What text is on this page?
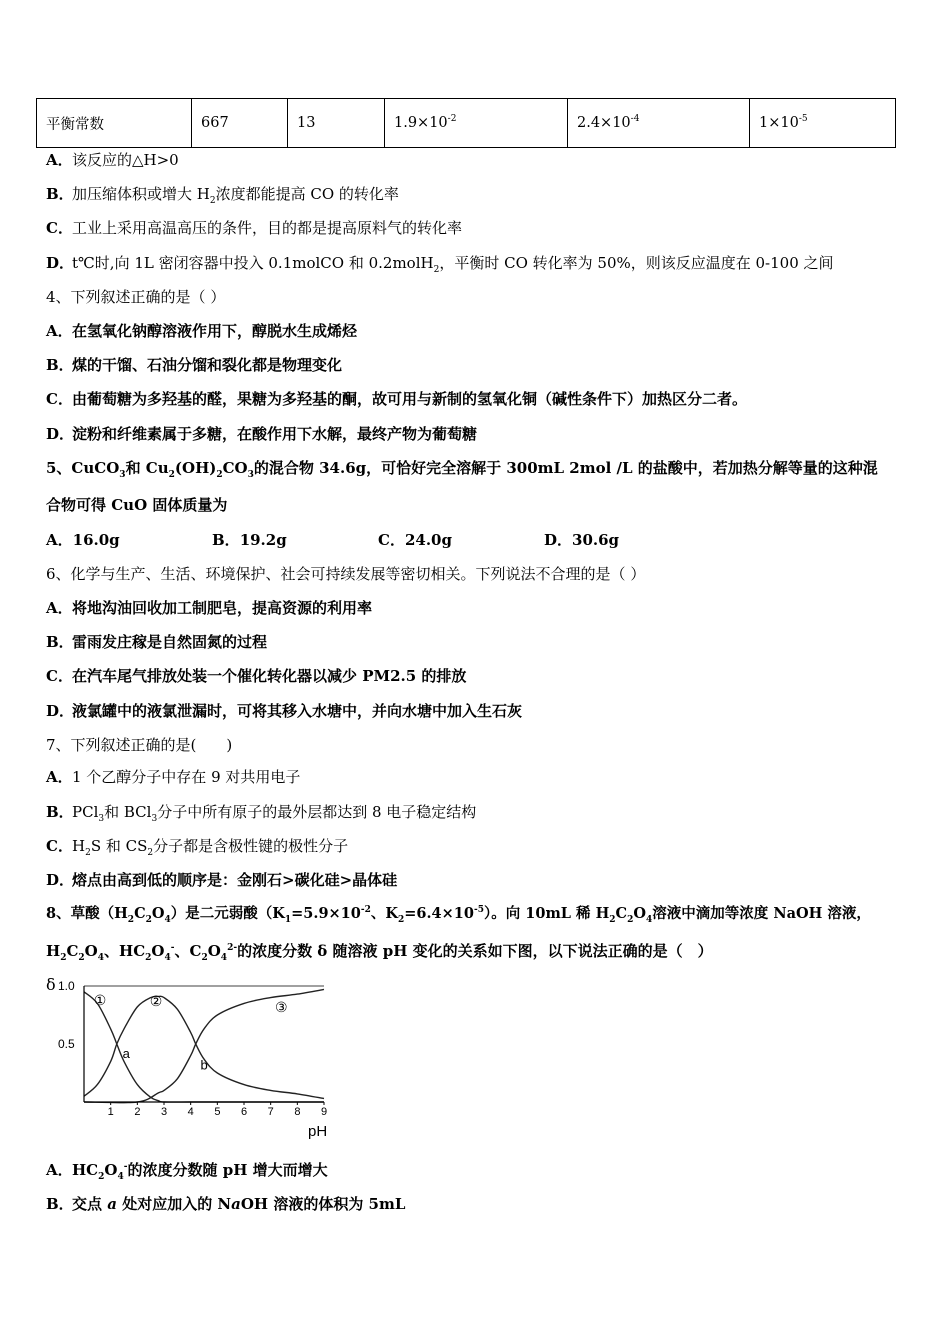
平衡常数	667	13	$1.9\times 10^{-2}$	$2.4\times 10^{-4}$	$1\times 10^{-5}$
A．该反应的△H>0
B．加压缩体积或增大 $H_2$浓度都能提高 CO 的转化率
C．工业上采用高温高压的条件，目的都是提高原料气的转化率
D．t℃时,向 1L 密闭容器中投入 0.1molCO 和 0.2molH$_2$，平衡时 CO 转化率为 50%，则该反应温度在 0-100 之间
4、下列叙述正确的是（ ）
A．在氢氧化钠醇溶液作用下，醇脱水生成烯烃
B．煤的干馏、石油分馏和裂化都是物理变化
C．由葡萄糖为多羟基的醛，果糖为多羟基的酮，故可用与新制的氢氧化铜（碱性条件下）加热区分二者。
D．淀粉和纤维素属于多糖，在酸作用下水解，最终产物为葡萄糖
5、CuCO$_3$和 $Cu_2(OH)_2CO_3$的混合物 34.6g，可恰好完全溶解于 300mL 2mol /L 的盐酸中，若加热分解等量的这种混
合物可得 CuO 固体质量为
A．16.0g	B．19.2g	C．24.0g	D．30.6g
6、化学与生产、生活、环境保护、社会可持续发展等密切相关。下列说法不合理的是（ ）
A．将地沟油回收加工制肥皂，提高资源的利用率
B．雷雨发庄稼是自然固氮的过程
C．在汽车尾气排放处装一个催化转化器以减少 PM2.5 的排放
D．液氯罐中的液氯泄漏时，可将其移入水塘中，并向水塘中加入生石灰
7、下列叙述正确的是(　　)
A．1 个乙醇分子中存在 9 对共用电子
B．PCl$_3$和 BCl$_3$分子中所有原子的最外层都达到 8 电子稳定结构
C．$H_2S$ 和 $CS_2$分子都是含极性键的极性分子
D．熔点由高到低的顺序是：金刚石>碳化硅>晶体硅
8、草酸$(H_2C_2O_4)$是二元弱酸（$K_1=5.9\times 10^{-2}$、$K_2=6.4\times 10^{-5}$）。向 10mL 稀 $H_2C_2O_4$溶液中滴加等浓度 NaOH 溶液，
$H_2C_2O_4$、$HC_2O_4^-$、$C_2O_4^{2-}$的浓度分数 δ 随溶液 pH 变化的关系如下图，以下说法正确的是（　）
δ
pH
1.0
0.5
1 2 3 4 5 6 7 8 9
①	②	③
a
b
A．$HC_2O_4^-$的浓度分数随 pH 增大而增大
B．交点 a 处对应加入的 NaOH 溶液的体积为 5mL
